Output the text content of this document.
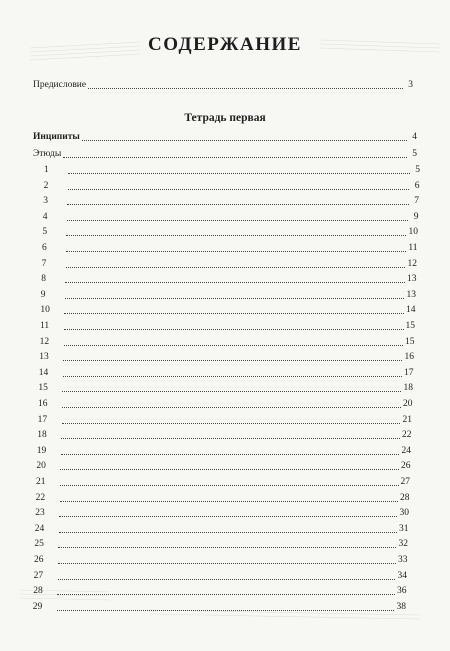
СОДЕРЖАНИЕ
Предисловие	3
Тетрадь первая
Инципиты	4
Этюды	5
1	5
2	6
3	7
4	9
5	10
6	11
7	12
8	13
9	13
10	14
11	15
12	15
13	16
14	17
15	18
16	20
17	21
18	22
19	24
20	26
21	27
22	28
23	30
24	31
25	32
26	33
27	34
28	36
29	38
